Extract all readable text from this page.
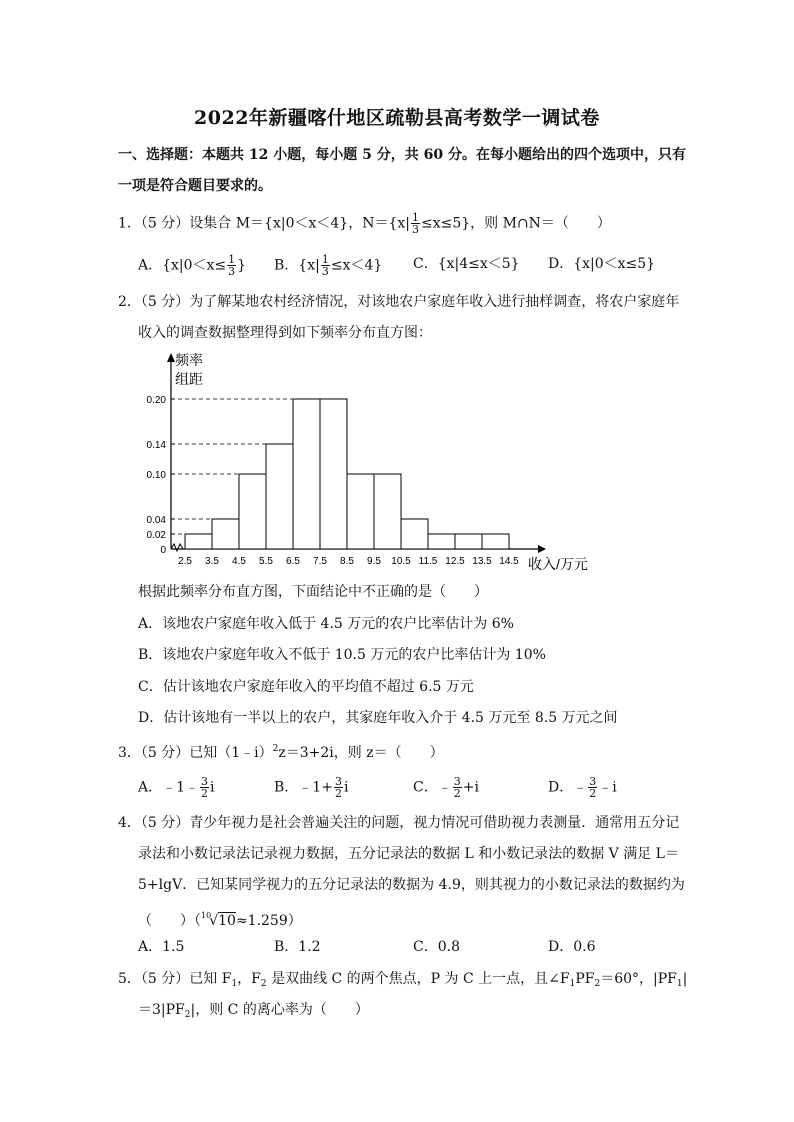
2022年新疆喀什地区疏勒县高考数学一调试卷
一、选择题：本题共 12 小题，每小题 5 分，共 60 分。在每小题给出的四个选项中，只有
一项是符合题目要求的。
1．（5 分）设集合 M＝{x|0＜x＜4}，$N=\{x| \frac{1}{3} \le x\le 5\}$，则 M∩N＝（　　）
A．{$x|0<x\le \frac{1}{3}$ } B．$\{x| \frac{1}{3} \le x<4\}$ C．{x|4≤x＜5} D．{x|0＜x≤5}
2．（5 分）为了解某地农村经济情况，对该地农户家庭年收入进行抽样调查，将农户家庭年
收入的调查数据整理得到如下频率分布直方图：
0
0.02
0.04
0.10
0.14
0.20
2.5 3.5 4.5 5.5 6.5 7.5 8.5 9.5 10.5 11.5 12.5 13.5 14.5
频率
组距
收入/万元
根据此频率分布直方图，下面结论中不正确的是（　　）
A．该地农户家庭年收入低于 4.5 万元的农户比率估计为 6%
B．该地农户家庭年收入不低于 10.5 万元的农户比率估计为 10%
C．估计该地农户家庭年收入的平均值不超过 6.5 万元
D．估计该地有一半以上的农户，其家庭年收入介于 4.5 万元至 8.5 万元之间
3．（5 分）已知（1﹣i）$^2$z＝3+2i，则 z＝（　　）
A．﹣1﹣ $\frac{3}{2}$ i	B．﹣1+ $\frac{3}{2}$ i	C．﹣ $\frac{3}{2} +i$	D．﹣ $\frac{3}{2}$ ﹣i
4．（5 分）青少年视力是社会普遍关注的问题，视力情况可借助视力表测量．通常用五分记
录法和小数记录法记录视力数据，五分记录法的数据 L 和小数记录法的数据 V 满足 L＝
5+lgV．已知某同学视力的五分记录法的数据为 4.9，则其视力的小数记录法的数据约为
（　　）（$^{10}$√10≈1.259）
A．1.5	B．1.2	C．0.8	D．0.6
5．（5 分）已知 $F_1$，$F_2$ 是双曲线 C 的两个焦点，P 为 C 上一点，且$\angle F_1PF_2=60^\circ$，$|PF_1|$
$=3|PF_2|$，则 C 的离心率为（　　）
